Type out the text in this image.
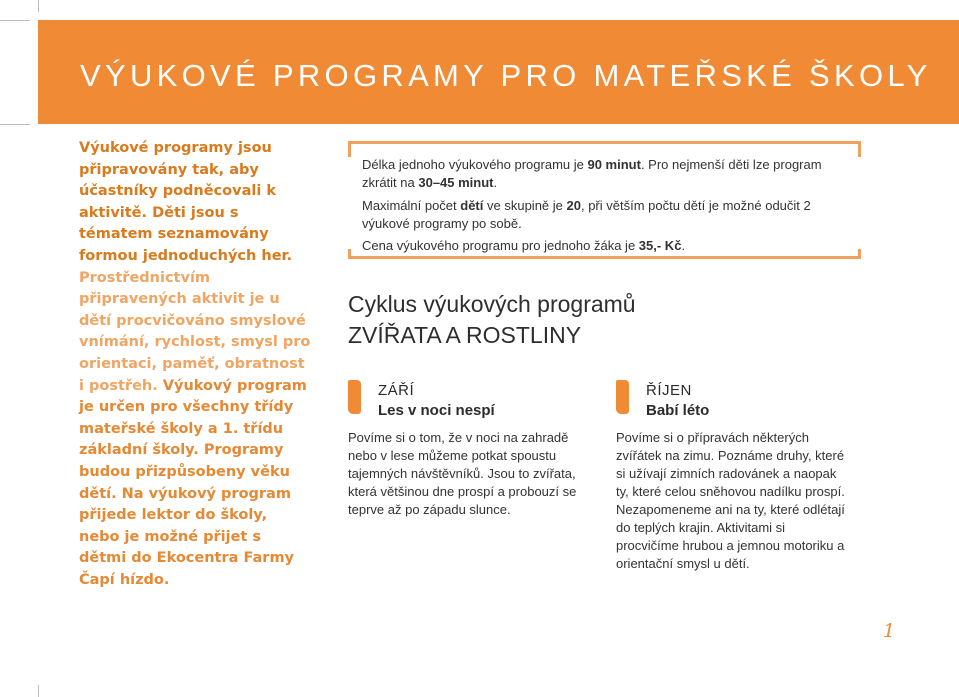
VÝUKOVÉ PROGRAMY PRO MATEŘSKÉ ŠKOLY

Výukové programy jsou připravovány tak, aby účastníky podněcovali k aktivitě. Děti jsou s tématem seznamovány formou jednoduchých her. Prostřednictvím připravených aktivit je u dětí procvičováno smyslové vnímání, rychlost, smysl pro orientaci, paměť, obratnost i postřeh. Výukový program je určen pro všechny třídy mateřské školy a 1. třídu základní školy. Programy budou přizpůsobeny věku dětí. Na výukový program přijede lektor do školy, nebo je možné přijet s dětmi do Ekocentra Farmy Čapí hízdo.

Délka jednoho výukového programu je 90 minut. Pro nejmenší děti lze program zkrátit na 30–45 minut.

Maximální počet dětí ve skupině je 20, při větším počtu dětí je možné odučit 2 výukové programy po sobě.

Cena výukového programu pro jednoho žáka je 35,- Kč.

Cyklus výukových programů
ZVÍŘATA A ROSTLINY

ZÁŘÍ

Les v noci nespí

Povíme si o tom, že v noci na zahradě nebo v lese můžeme potkat spoustu tajemných návštěvníků. Jsou to zvířata, která většinou dne prospí a probouzí se teprve až po západu slunce.

ŘÍJEN

Babí léto

Povíme si o přípravách některých zvířátek na zimu. Poznáme druhy, které si užívají zimních radovánek a naopak ty, které celou sněhovou nadílku prospí. Nezapomeneme ani na ty, které odlétají do teplých krajin. Aktivitami si procvičíme hrubou a jemnou motoriku a orientační smysl u dětí.

1
